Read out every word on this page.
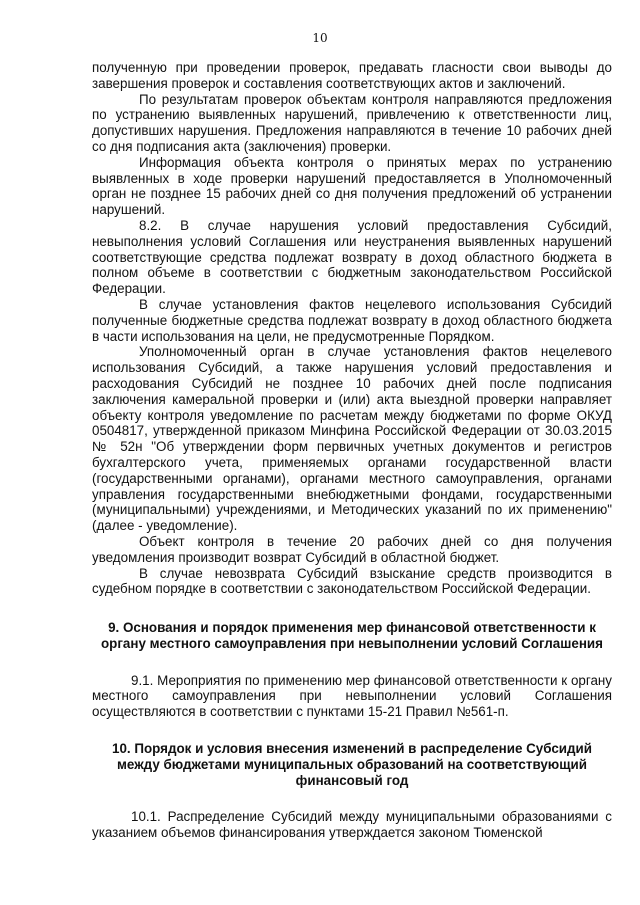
10

полученную при проведении проверок, предавать гласности свои выводы до завершения проверок и составления соответствующих актов и заключений.

По результатам проверок объектам контроля направляются предложения по устранению выявленных нарушений, привлечению к ответственности лиц, допустивших нарушения. Предложения направляются в течение 10 рабочих дней со дня подписания акта (заключения) проверки.

Информация объекта контроля о принятых мерах по устранению выявленных в ходе проверки нарушений предоставляется в Уполномоченный орган не позднее 15 рабочих дней со дня получения предложений об устранении нарушений.

8.2. В случае нарушения условий предоставления Субсидий, невыполнения условий Соглашения или неустранения выявленных нарушений соответствующие средства подлежат возврату в доход областного бюджета в полном объеме в соответствии с бюджетным законодательством Российской Федерации.

В случае установления фактов нецелевого использования Субсидий полученные бюджетные средства подлежат возврату в доход областного бюджета в части использования на цели, не предусмотренные Порядком.

Уполномоченный орган в случае установления фактов нецелевого использования Субсидий, а также нарушения условий предоставления и расходования Субсидий не позднее 10 рабочих дней после подписания заключения камеральной проверки и (или) акта выездной проверки направляет объекту контроля уведомление по расчетам между бюджетами по форме ОКУД 0504817, утвержденной приказом Минфина Российской Федерации от 30.03.2015 № 52н "Об утверждении форм первичных учетных документов и регистров бухгалтерского учета, применяемых органами государственной власти (государственными органами), органами местного самоуправления, органами управления государственными внебюджетными фондами, государственными (муниципальными) учреждениями, и Методических указаний по их применению" (далее - уведомление).

Объект контроля в течение 20 рабочих дней со дня получения уведомления производит возврат Субсидий в областной бюджет.

В случае невозврата Субсидий взыскание средств производится в судебном порядке в соответствии с законодательством Российской Федерации.

9. Основания и порядок применения мер финансовой ответственности к органу местного самоуправления при невыполнении условий Соглашения

9.1. Мероприятия по применению мер финансовой ответственности к органу местного самоуправления при невыполнении условий Соглашения осуществляются в соответствии с пунктами 15-21 Правил №561-п.

10. Порядок и условия внесения изменений в распределение Субсидий между бюджетами муниципальных образований на соответствующий финансовый год

10.1. Распределение Субсидий между муниципальными образованиями с указанием объемов финансирования утверждается законом Тюменской
